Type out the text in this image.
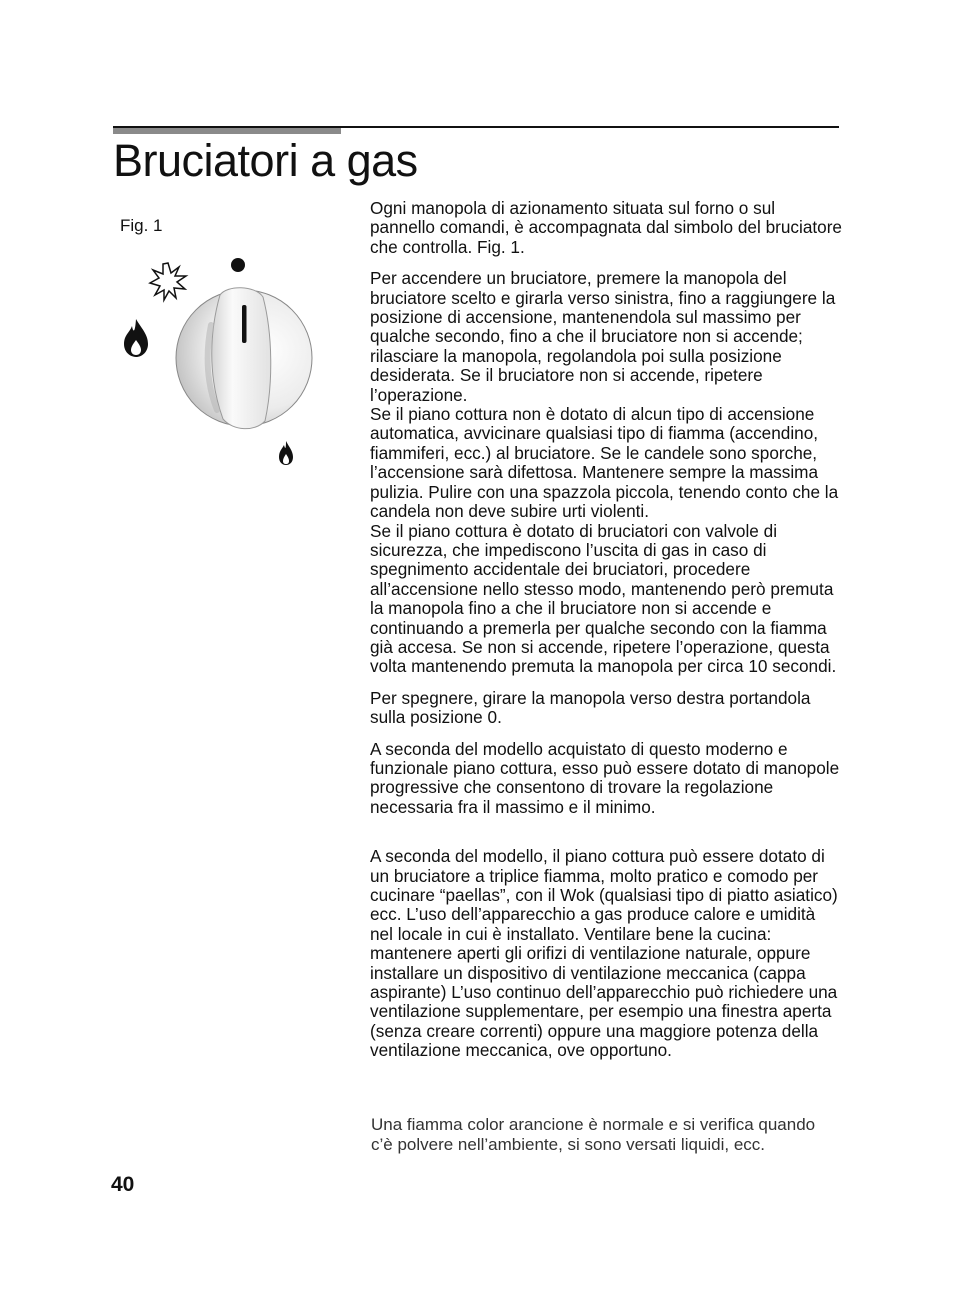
Bruciatori a gas
Fig. 1

Ogni manopola di azionamento situata sul forno o sul pannello comandi, è accompagnata dal simbolo del bruciatore che controlla. Fig. 1.

Per accendere un bruciatore, premere la manopola del bruciatore scelto e girarla verso sinistra, fino a raggiungere la posizione di accensione, mantenendola sul massimo per qualche secondo, fino a che il bruciatore non si accende; rilasciare la manopola, regolandola poi sulla posizione desiderata. Se il bruciatore non si accende, ripetere l’operazione.

Se il piano cottura non è dotato di alcun tipo di accensione automatica, avvicinare qualsiasi tipo di fiamma (accendino, fiammiferi, ecc.) al bruciatore. Se le candele sono sporche, l’accensione sarà difettosa. Mantenere sempre la massima pulizia. Pulire con una spazzola piccola, tenendo conto che la candela non deve subire urti violenti.

Se il piano cottura è dotato di bruciatori con valvole di sicurezza, che impediscono l’uscita di gas in caso di spegnimento accidentale dei bruciatori, procedere all’accensione nello stesso modo, mantenendo però premuta la manopola fino a che il bruciatore non si accende e continuando a premerla per qualche secondo con la fiamma già accesa. Se non si accende, ripetere l’operazione, questa volta mantenendo premuta la manopola per circa 10 secondi.

Per spegnere, girare la manopola verso destra portandola sulla posizione 0.

A seconda del modello acquistato di questo moderno e funzionale piano cottura, esso può essere dotato di manopole progressive che consentono di trovare la regolazione necessaria fra il massimo e il minimo.

A seconda del modello, il piano cottura può essere dotato di un bruciatore a triplice fiamma, molto pratico e comodo per cucinare “paellas”, con il Wok (qualsiasi tipo di piatto asiatico) ecc. L’uso dell’apparecchio a gas produce calore e umidità nel locale in cui è installato. Ventilare bene la cucina: mantenere aperti gli orifizi di ventilazione naturale, oppure installare un dispositivo di ventilazione meccanica (cappa aspirante) L’uso continuo dell’apparecchio può richiedere una ventilazione supplementare, per esempio una finestra aperta (senza creare correnti) oppure una maggiore potenza della ventilazione meccanica, ove opportuno.

Una fiamma color arancione è normale e si verifica quando c’è polvere nell’ambiente, si sono versati liquidi, ecc.
40
